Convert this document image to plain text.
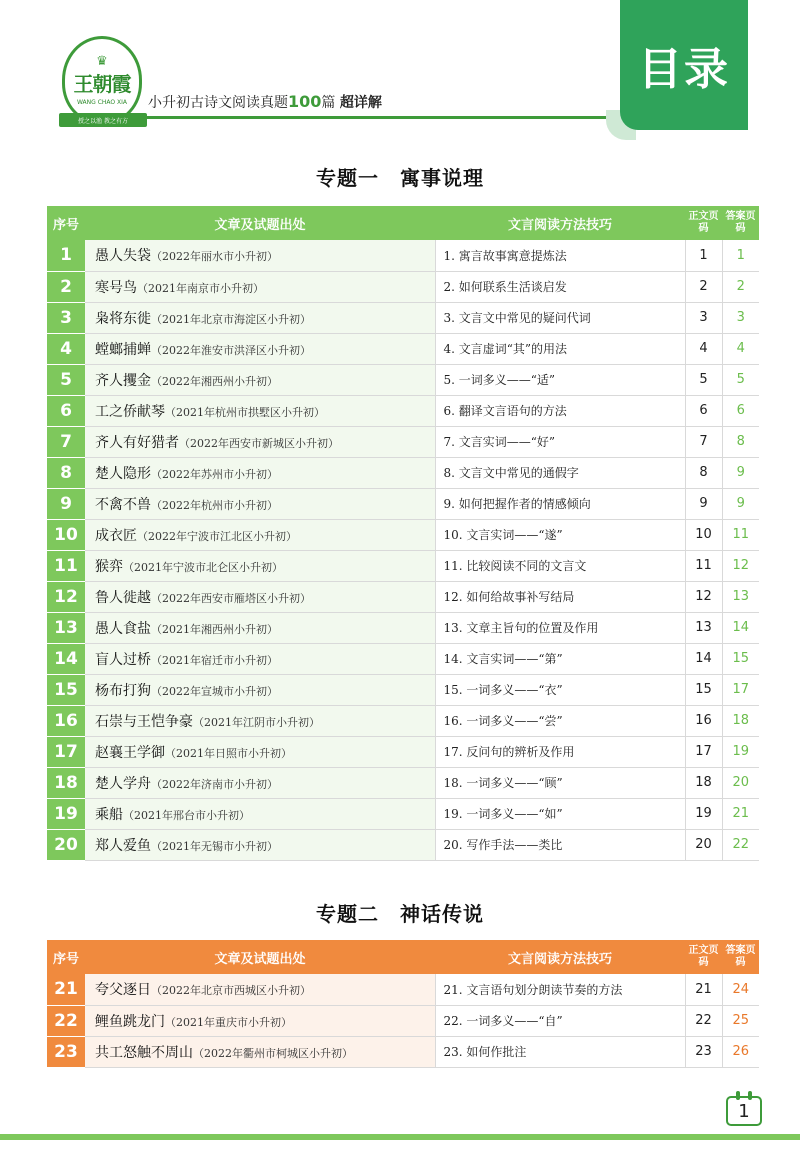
♛
王朝霞
WANG CHAO XIA
授之以渔 教之有方
小升初古诗文阅读真题100篇 超详解
目录
专题一　寓事说理
序号	文章及试题出处	文言阅读方法技巧	正文页码	答案页码
1	愚人失袋（2022年丽水市小升初）	1. 寓言故事寓意提炼法	1	1
2	寒号鸟（2021年南京市小升初）	2. 如何联系生活谈启发	2	2
3	枭将东徙（2021年北京市海淀区小升初）	3. 文言文中常见的疑问代词	3	3
4	螳螂捕蝉（2022年淮安市洪泽区小升初）	4. 文言虚词“其”的用法	4	4
5	齐人攫金（2022年湘西州小升初）	5. 一词多义——“适”	5	5
6	工之侨献琴（2021年杭州市拱墅区小升初）	6. 翻译文言语句的方法	6	6
7	齐人有好猎者（2022年西安市新城区小升初）	7. 文言实词——“好”	7	8
8	楚人隐形（2022年苏州市小升初）	8. 文言文中常见的通假字	8	9
9	不禽不兽（2022年杭州市小升初）	9. 如何把握作者的情感倾向	9	9
10	成衣匠（2022年宁波市江北区小升初）	10. 文言实词——“遂”	10	11
11	猴弈（2021年宁波市北仑区小升初）	11. 比较阅读不同的文言文	11	12
12	鲁人徙越（2022年西安市雁塔区小升初）	12. 如何给故事补写结局	12	13
13	愚人食盐（2021年湘西州小升初）	13. 文章主旨句的位置及作用	13	14
14	盲人过桥（2021年宿迁市小升初）	14. 文言实词——“第”	14	15
15	杨布打狗（2022年宣城市小升初）	15. 一词多义——“衣”	15	17
16	石崇与王恺争豪（2021年江阴市小升初）	16. 一词多义——“尝”	16	18
17	赵襄王学御（2021年日照市小升初）	17. 反问句的辨析及作用	17	19
18	楚人学舟（2022年济南市小升初）	18. 一词多义——“顾”	18	20
19	乘船（2021年邢台市小升初）	19. 一词多义——“如”	19	21
20	郑人爱鱼（2021年无锡市小升初）	20. 写作手法——类比	20	22
专题二　神话传说
序号	文章及试题出处	文言阅读方法技巧	正文页码	答案页码
21	夸父逐日（2022年北京市西城区小升初）	21. 文言语句划分朗读节奏的方法	21	24
22	鲤鱼跳龙门（2021年重庆市小升初）	22. 一词多义——“自”	22	25
23	共工怒触不周山（2022年衢州市柯城区小升初）	23. 如何作批注	23	26
1
